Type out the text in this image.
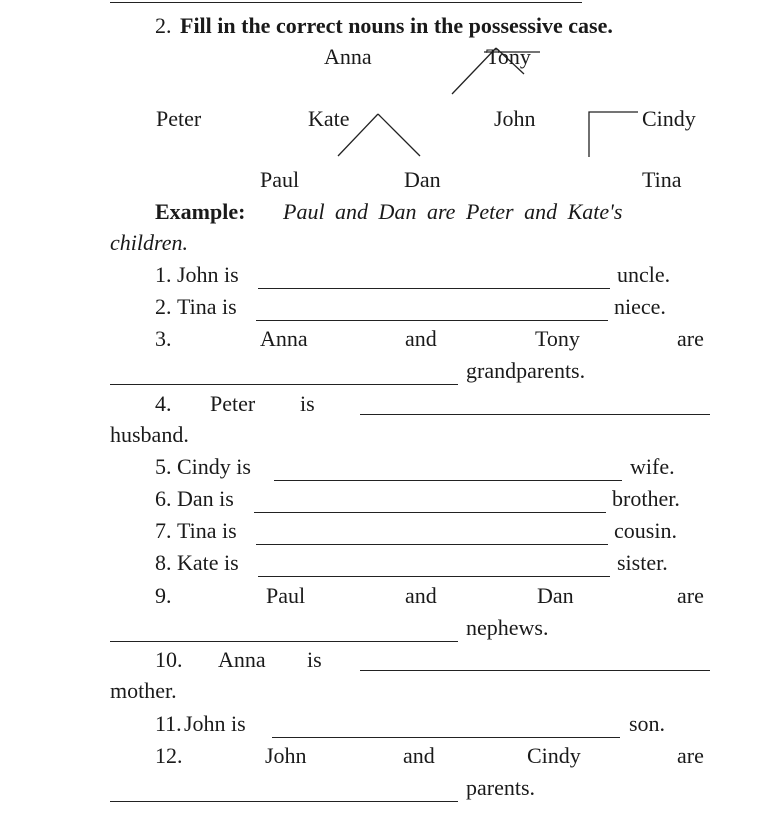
2. Fill in the correct nouns in the possessive case.
Anna	Tony
Peter	Kate	John	Cindy
Paul	Dan	Tina
Example: Paul and Dan are Peter and Kate's
children.
1. John is	uncle.
2. Tina is	niece.
3.	Anna	and	Tony	are
grandparents.
4. Peter is
husband.
5. Cindy is	wife.
6. Dan is	brother.
7. Tina is	cousin.
8. Kate is	sister.
9.	Paul	and	Dan	are
nephews.
10. Anna is
mother.
11. John is	son.
12.	John	and	Cindy	are
parents.
